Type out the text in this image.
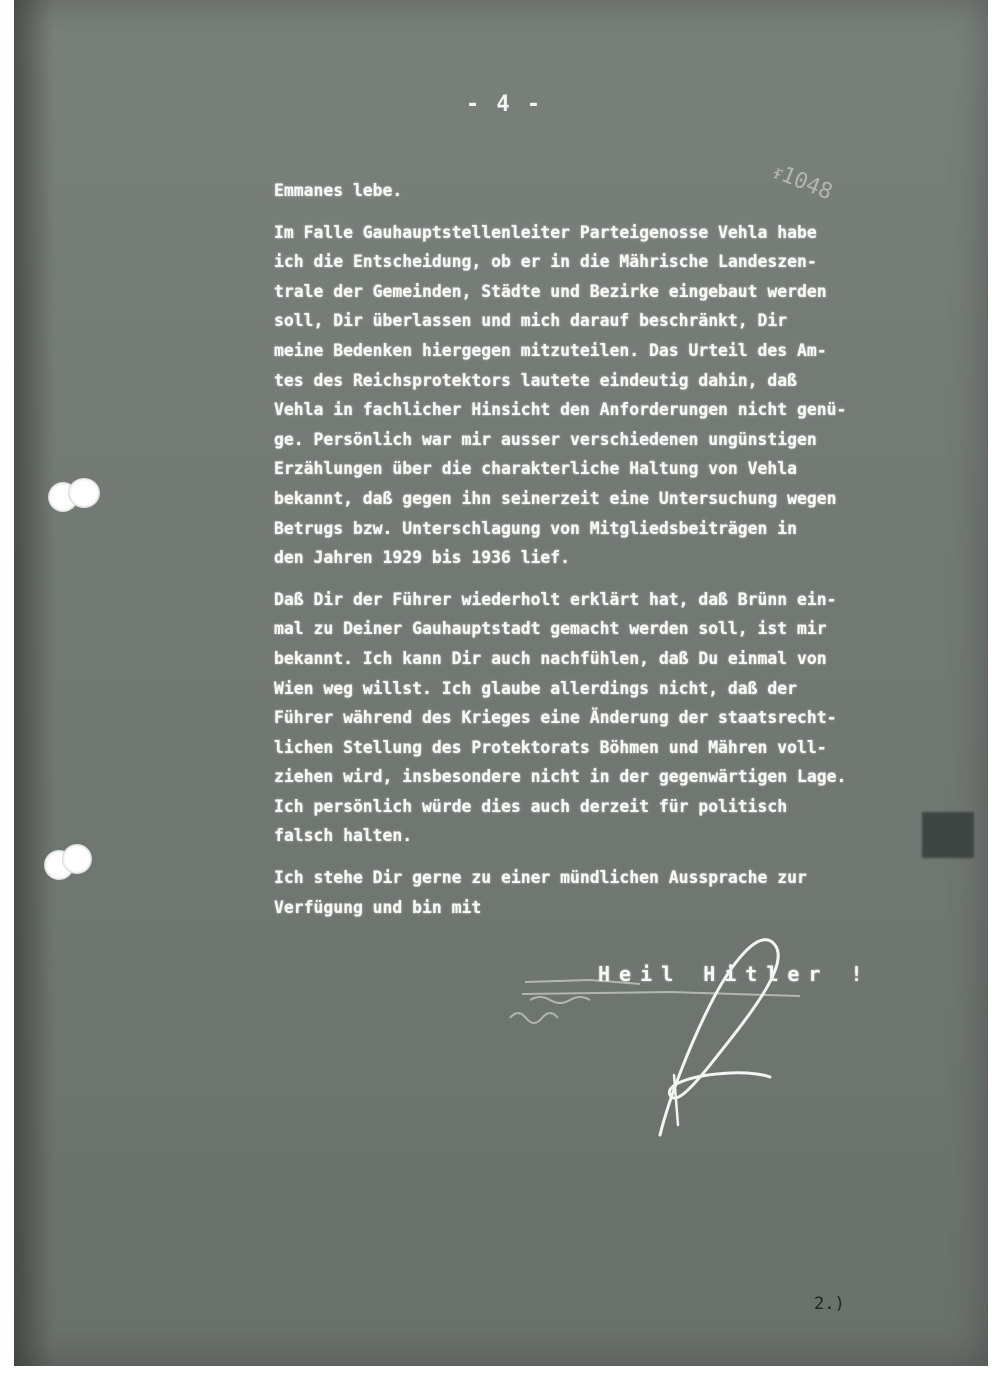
- 4 -
ᵲ1048

Emmanes lebe.

Im Falle Gauhauptstellenleiter Parteigenosse Vehla habe
ich die Entscheidung, ob er in die Mährische Landeszen-
trale der Gemeinden, Städte und Bezirke eingebaut werden
soll, Dir überlassen und mich darauf beschränkt, Dir
meine Bedenken hiergegen mitzuteilen. Das Urteil des Am-
tes des Reichsprotektors lautete eindeutig dahin, daß
Vehla in fachlicher Hinsicht den Anforderungen nicht genü-
ge. Persönlich war mir ausser verschiedenen ungünstigen
Erzählungen über die charakterliche Haltung von Vehla
bekannt, daß gegen ihn seinerzeit eine Untersuchung wegen
Betrugs bzw. Unterschlagung von Mitgliedsbeiträgen in
den Jahren 1929 bis 1936 lief.

Daß Dir der Führer wiederholt erklärt hat, daß Brünn ein-
mal zu Deiner Gauhauptstadt gemacht werden soll, ist mir
bekannt. Ich kann Dir auch nachfühlen, daß Du einmal von
Wien weg willst. Ich glaube allerdings nicht, daß der
Führer während des Krieges eine Änderung der staatsrecht-
lichen Stellung des Protektorats Böhmen und Mähren voll-
ziehen wird, insbesondere nicht in der gegenwärtigen Lage.
Ich persönlich würde dies auch derzeit für politisch
falsch halten.

Ich stehe Dir gerne zu einer mündlichen Aussprache zur
Verfügung und bin mit

Heil Hitler !
2.)
